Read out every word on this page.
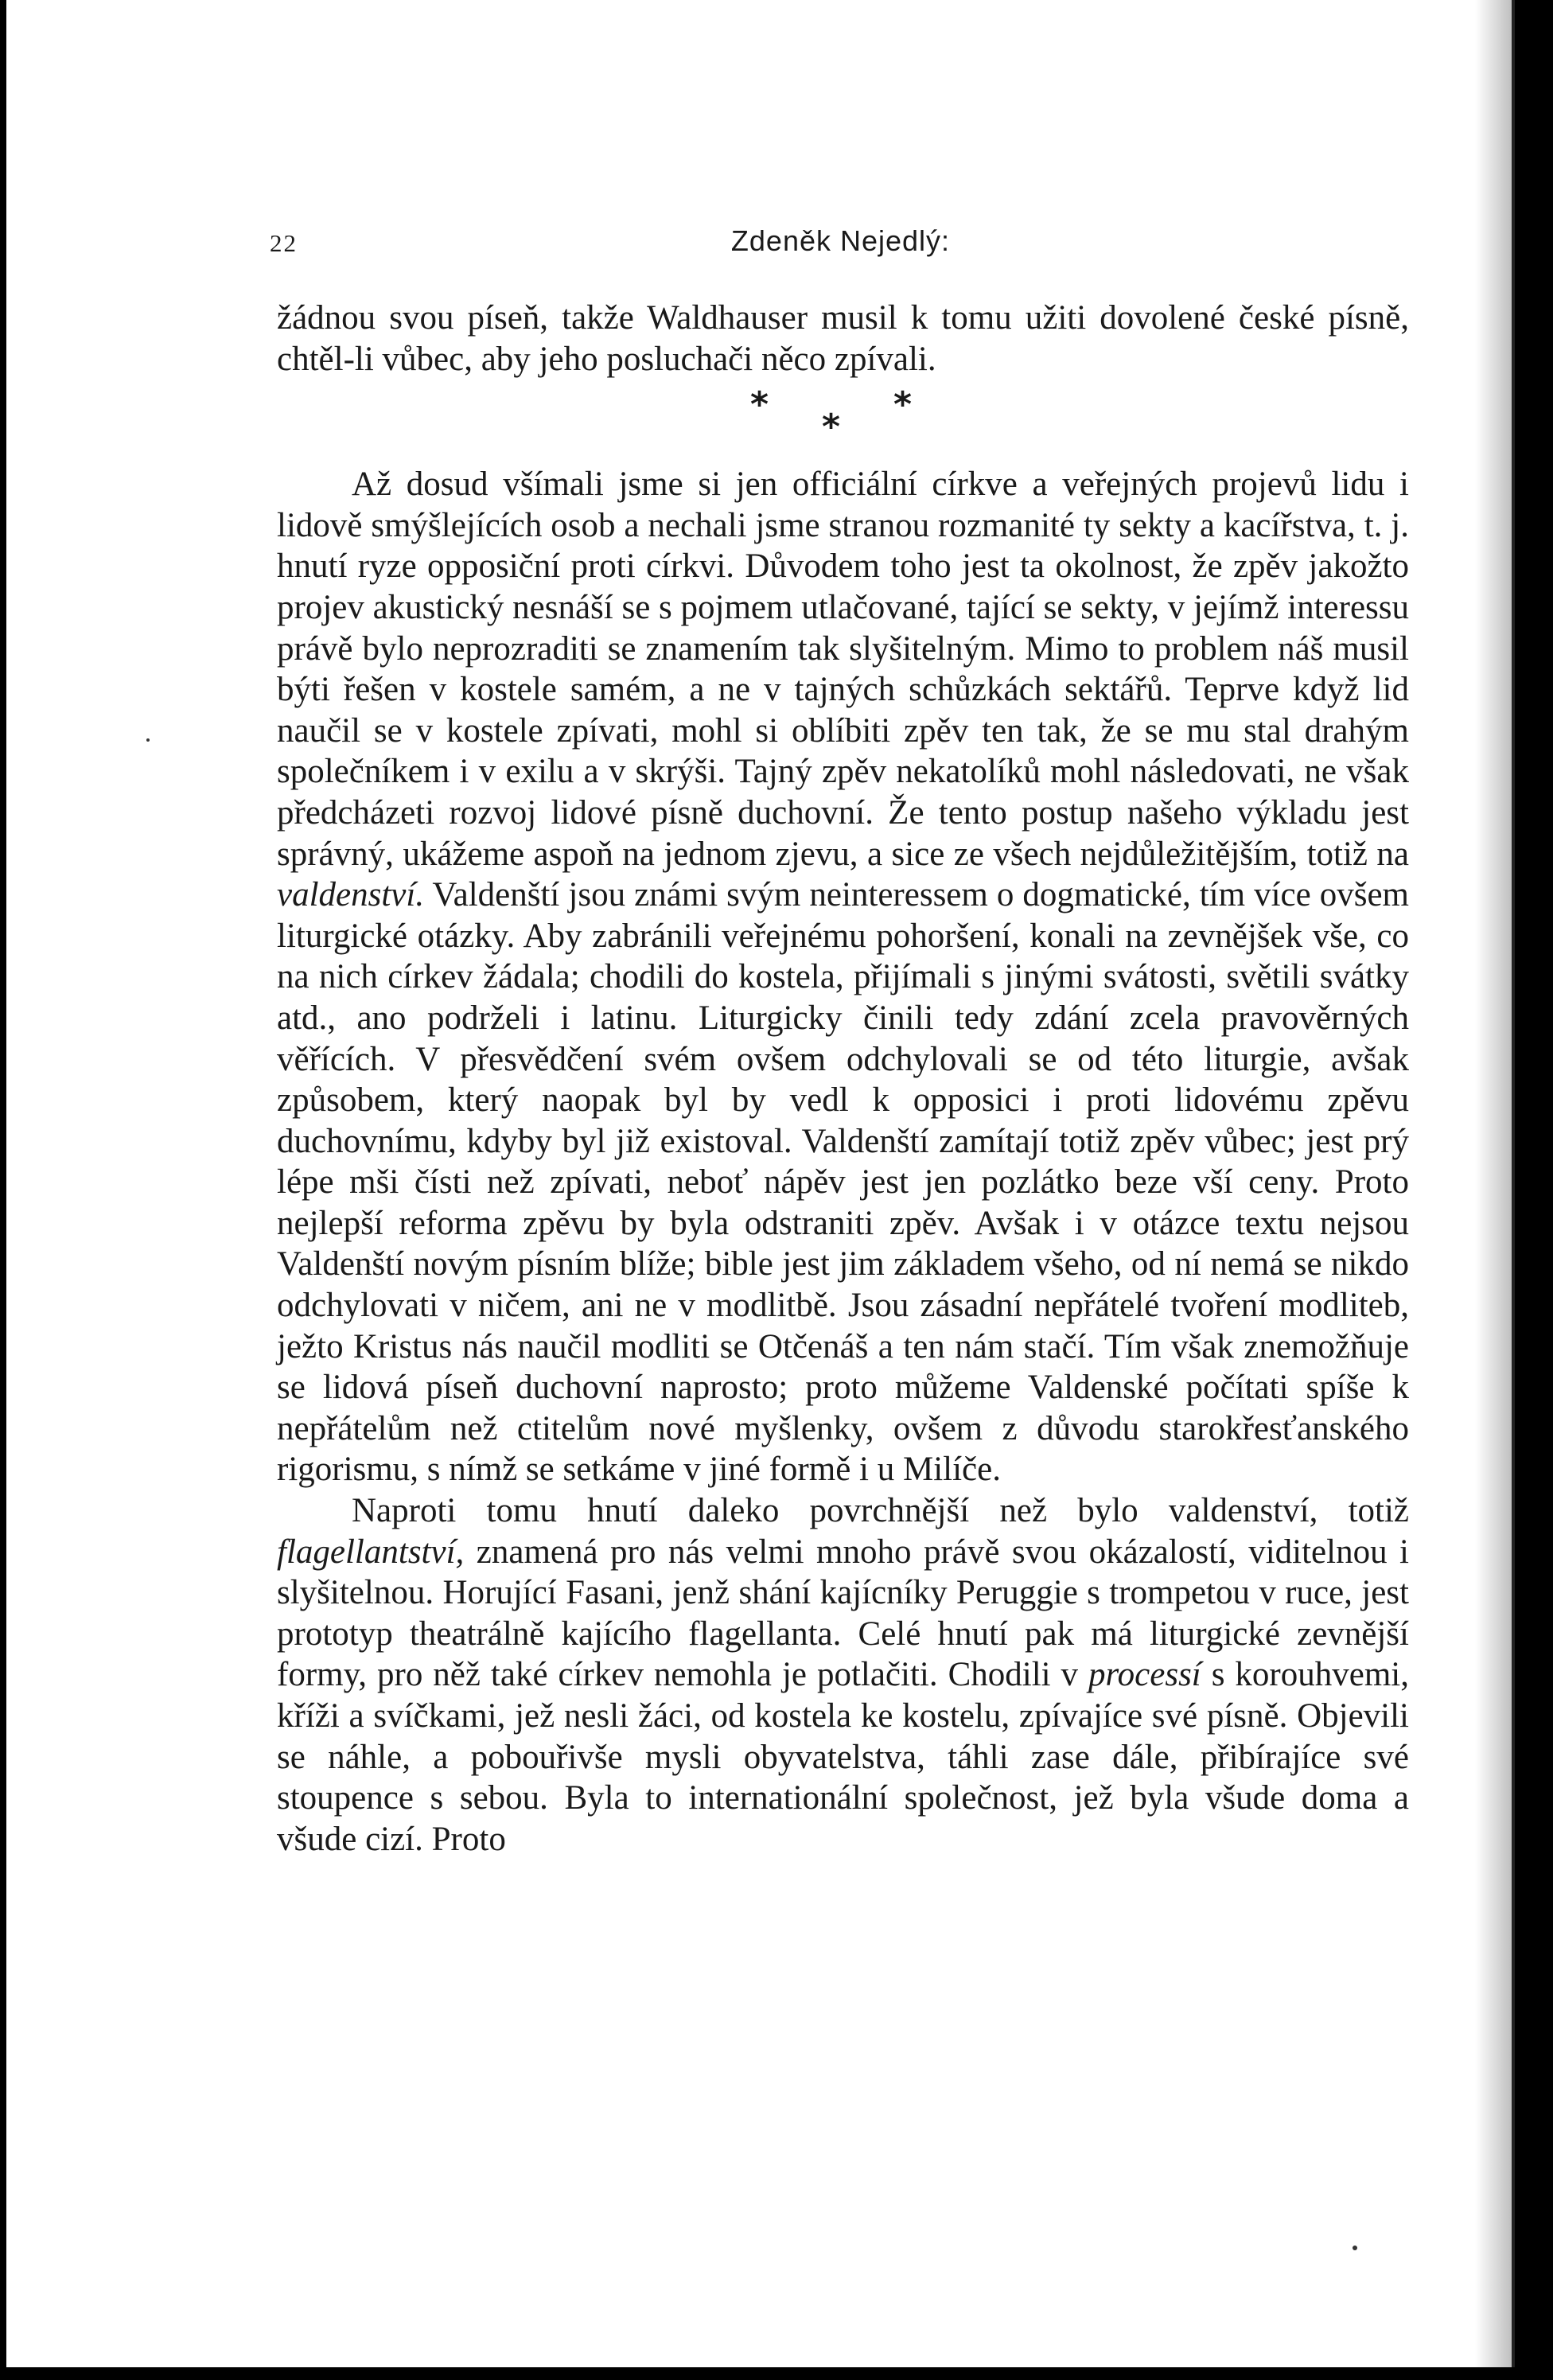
22	Zdeněk Nejedlý:

žádnou svou píseň, takže Waldhauser musil k tomu užiti dovolené české písně, chtěl-li vůbec, aby jeho posluchači něco zpívali.

*
*
*

Až dosud všímali jsme si jen officiální církve a veřejných projevů lidu i lidově smýšlejících osob a nechali jsme stranou rozmanité ty sekty a kacířstva, t. j. hnutí ryze opposiční proti církvi. Důvodem toho jest ta okolnost, že zpěv jakožto projev akustický nesnáší se s pojmem utlačované, tající se sekty, v jejímž interessu právě bylo neprozraditi se znamením tak slyšitelným. Mimo to problem náš musil býti řešen v kostele samém, a ne v tajných schůzkách sektářů. Teprve když lid naučil se v kostele zpívati, mohl si oblíbiti zpěv ten tak, že se mu stal drahým společníkem i v exilu a v skrýši. Tajný zpěv nekatolíků mohl následovati, ne však předcházeti rozvoj lidové písně duchovní. Že tento postup našeho výkladu jest správný, ukážeme aspoň na jednom zjevu, a sice ze všech nejdůležitějším, totiž na valdenství. Valdenští jsou známi svým neinteressem o dogmatické, tím více ovšem liturgické otázky. Aby zabránili veřejnému pohoršení, konali na zevnějšek vše, co na nich církev žádala; chodili do kostela, přijímali s jinými svátosti, světili svátky atd., ano podrželi i latinu. Liturgicky činili tedy zdání zcela pravověrných věřících. V přesvědčení svém ovšem odchylovali se od této liturgie, avšak způsobem, který naopak byl by vedl k opposici i proti lidovému zpěvu duchovnímu, kdyby byl již existoval. Valdenští zamítají totiž zpěv vůbec; jest prý lépe mši čísti než zpívati, neboť nápěv jest jen pozlátko beze vší ceny. Proto nejlepší reforma zpěvu by byla odstraniti zpěv. Avšak i v otázce textu nejsou Valdenští novým písním blíže; bible jest jim základem všeho, od ní nemá se nikdo odchylovati v ničem, ani ne v modlitbě. Jsou zásadní nepřátelé tvoření modliteb, ježto Kristus nás naučil modliti se Otčenáš a ten nám stačí. Tím však znemožňuje se lidová píseň duchovní naprosto; proto můžeme Valdenské počítati spíše k nepřátelům než ctitelům nové myšlenky, ovšem z důvodu starokřesťanského rigorismu, s nímž se setkáme v jiné formě i u Milíče.

Naproti tomu hnutí daleko povrchnější než bylo valdenství, totiž flagellantství, znamená pro nás velmi mnoho právě svou okázalostí, viditelnou i slyšitelnou. Horující Fasani, jenž shání kajícníky Peruggie s trompetou v ruce, jest prototyp theatrálně kajícího flagellanta. Celé hnutí pak má liturgické zevnější formy, pro něž také církev nemohla je potlačiti. Chodili v processí s korouhvemi, kříži a svíčkami, jež nesli žáci, od kostela ke kostelu, zpívajíce své písně. Objevili se náhle, a pobouřivše mysli obyvatelstva, táhli zase dále, přibírajíce své stoupence s sebou. Byla to internationální společnost, jež byla všude doma a všude cizí. Proto
